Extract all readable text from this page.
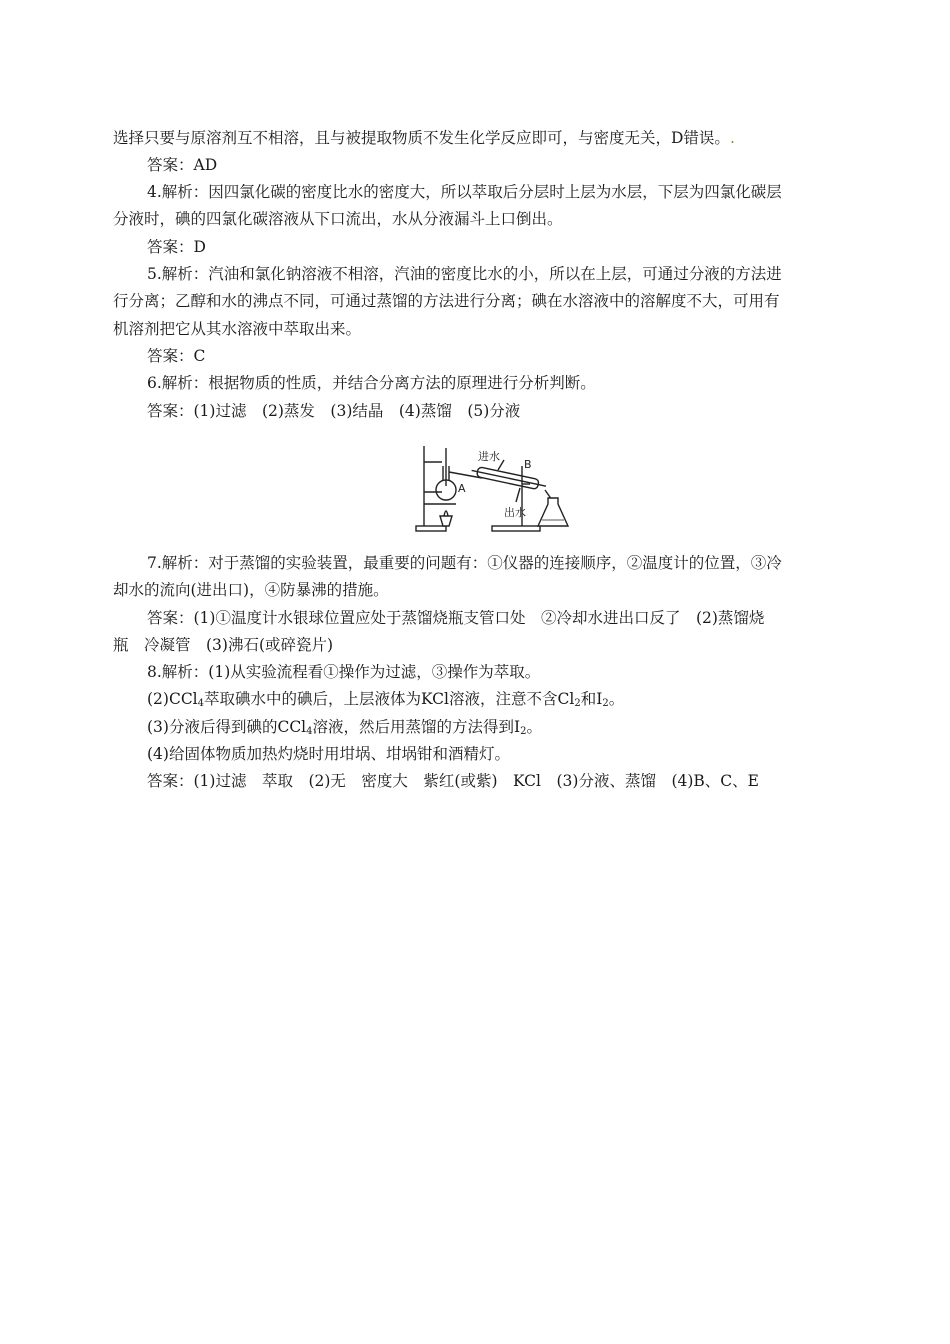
选择只要与原溶剂互不相溶，且与被提取物质不发生化学反应即可，与密度无关，D错误。.
答案：AD
4.解析：因四氯化碳的密度比水的密度大，所以萃取后分层时上层为水层，下层为四氯化碳层
分液时，碘的四氯化碳溶液从下口流出，水从分液漏斗上口倒出。
答案：D
5.解析：汽油和氯化钠溶液不相溶，汽油的密度比水的小，所以在上层，可通过分液的方法进
行分离；乙醇和水的沸点不同，可通过蒸馏的方法进行分离；碘在水溶液中的溶解度不大，可用有
机溶剂把它从其水溶液中萃取出来。
答案：C
6.解析：根据物质的性质，并结合分离方法的原理进行分析判断。
答案：(1)过滤　(2)蒸发　(3)结晶　(4)蒸馏　(5)分液
进水
B
A
出水
7.解析：对于蒸馏的实验装置，最重要的问题有：①仪器的连接顺序，②温度计的位置，③冷
却水的流向(进出口)，④防暴沸的措施。
答案：(1)①温度计水银球位置应处于蒸馏烧瓶支管口处　②冷却水进出口反了　(2)蒸馏烧
瓶　冷凝管　(3)沸石(或碎瓷片)
8.解析：(1)从实验流程看①操作为过滤，③操作为萃取。
(2)CCl$_4$萃取碘水中的碘后，上层液体为KCl溶液，注意不含$Cl_2$和$I_2$。
(3)分液后得到碘的CCl$_4$溶液，然后用蒸馏的方法得到$I_2$。
(4)给固体物质加热灼烧时用坩埚、坩埚钳和酒精灯。
答案：(1)过滤　萃取　(2)无　密度大　紫红(或紫)　KCl　(3)分液、蒸馏　(4)B、C、E
